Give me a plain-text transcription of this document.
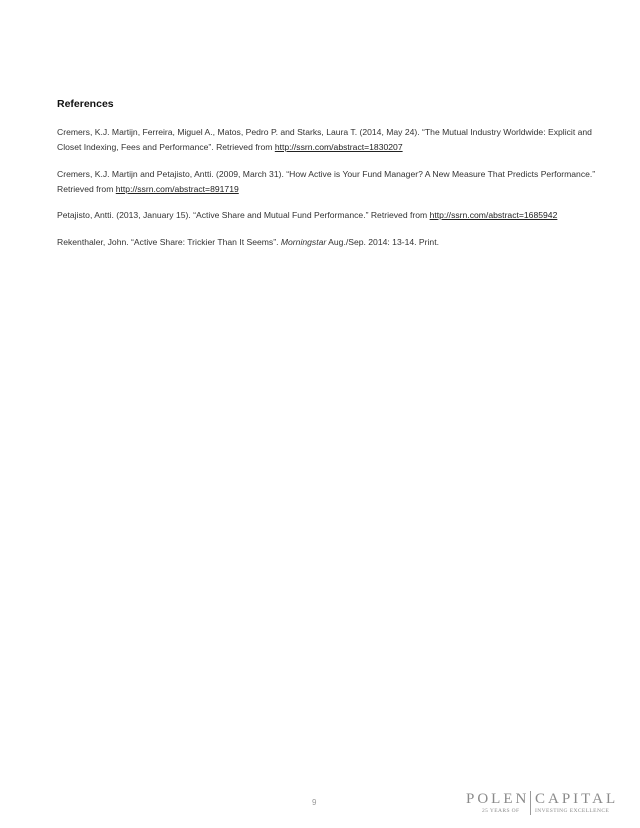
References

Cremers, K.J. Martijn, Ferreira, Miguel A., Matos, Pedro P. and Starks, Laura T. (2014, May 24). “The Mutual Industry Worldwide: Explicit and Closet Indexing, Fees and Performance”. Retrieved from http://ssrn.com/abstract=1830207

Cremers, K.J. Martijn and Petajisto, Antti. (2009, March 31). “How Active is Your Fund Manager? A New Measure That Predicts Performance.” Retrieved from http://ssrn.com/abstract=891719

Petajisto, Antti. (2013, January 15). “Active Share and Mutual Fund Performance.” Retrieved from http://ssrn.com/abstract=1685942

Rekenthaler, John. “Active Share: Trickier Than It Seems”. Morningstar Aug./Sep. 2014: 13-14. Print.

9	POLEN CAPITAL
25 YEARS OF	INVESTING EXCELLENCE
